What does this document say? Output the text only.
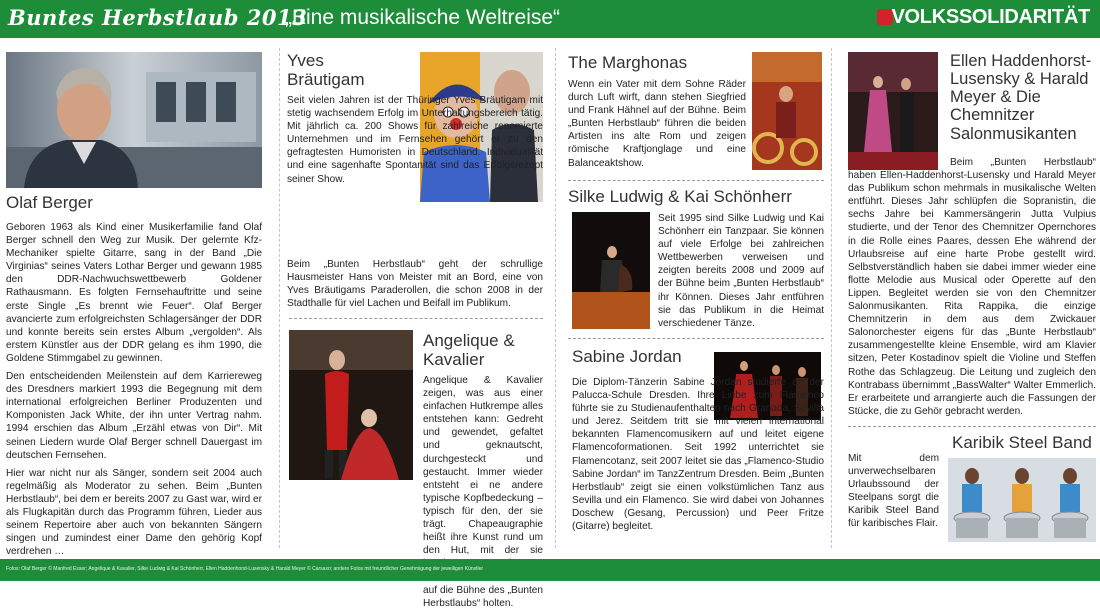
Buntes Herbstlaub 2013
„Eine musikalische Weltreise“	VOLKSSOLIDARITÄT
Olaf Berger

Geboren 1963 als Kind einer Musikerfamilie fand Olaf Berger schnell den Weg zur Musik. Der gelernte Kfz-Mechaniker spielte Gitarre, sang in der Band „Die Virginias“ seines Vaters Lothar Berger und gewann 1985 den DDR-Nachwuchswettbewerb Goldener Rathausmann. Es folgten Fernsehauftritte und seine erste Single „Es brennt wie Feuer“. Olaf Berger avancierte zum erfolgreichsten Schlagersänger der DDR und konnte bereits sein erstes Album „vergolden“. Als erstem Künstler aus der DDR gelang es ihm 1990, die Goldene Stimmgabel zu gewinnen.

Den entscheidenden Meilenstein auf dem Karriereweg des Dresdners markiert 1993 die Begegnung mit dem international erfolgreichen Berliner Produzenten und Komponisten Jack White, der ihn unter Vertrag nahm. 1994 erschien das Album „Erzähl etwas von Dir“. Mit seinen Liedern wurde Olaf Berger schnell Dauergast im deutschen Fernsehen.

Hier war nicht nur als Sänger, sondern seit 2004 auch regelmäßig als Moderator zu sehen. Beim „Bunten Herbstlaub“, bei dem er bereits 2007 zu Gast war, wird er als Flugkapitän durch das Programm führen, Lieder aus seinem Repertoire aber auch von bekannten Sängern singen und zumindest einer Dame den gehörig Kopf verdrehen …

Yves Bräutigam

Seit vielen Jahren ist der Thüringer Yves Bräutigam mit stetig wachsendem Erfolg im Unterhaltungsbereich tätig. Mit jährlich ca. 200 Shows für zahlreiche renomierte Unternehmen und im Fernsehen gehört er zu den gefragtesten Humoristen in Deutschland. Individualität und eine sagenhafte Spontanität sind das Erfolgsrezept seiner Show.

Beim „Bunten Herbstlaub“ geht der schrullige Hausmeister Hans von Meister mit an Bord, eine von Yves Bräutigams Paraderollen, die schon 2008 in der Stadthalle für viel Lachen und Beifall im Publikum.

Angelique & Kavalier

Angelique & Kavalier zeigen, was aus einer einfachen Hutkrempe alles entstehen kann: Gedreht und gewendet, gefaltet und geknautscht, durchgesteckt und gestaucht. Immer wieder entsteht ei ne andere typische Kopfbedeckung – typisch für den, der sie trägt. Chapeaugraphie heißt ihre Kunst rund um den Hut, mit der sie auf die Bühne des „Bunten Herbstlaubs“ holten.

The Marghonas

Wenn ein Vater mit dem Sohne Räder durch Luft wirft, dann stehen Siegfried und Frank Hähnel auf der Bühne. Beim „Bunten Herbstlaub“ führen die beiden Artisten ins alte Rom und zeigen römische Kraftjonglage und eine Balanceaktshow.

Silke Ludwig & Kai Schönherr

Seit 1995 sind Silke Ludwig und Kai Schönherr ein Tanzpaar. Sie können auf viele Erfolge bei zahlreichen Wettbewerben verweisen und zeigten bereits 2008 und 2009 auf der Bühne beim „Bunten Herbstlaub“ ihr Können. Dieses Jahr entführen sie das Publikum in die Heimat verschiedener Tänze.

Sabine Jordan

Die Diplom-Tänzerin Sabine Jordan studierte an der Palucca-Schule Dresden. Ihre Liebe zum Flamenco führte sie zu Studienaufenthalten nach Granada, Sevilla und Jerez. Seitdem tritt sie mit vielen international bekannten Flamencomusikern auf und leitet eigene Flamencoformationen. Seit 1992 unterrichtet sie Flamencotanz, seit 2007 leitet sie das „Flamenco-Studio Sabine Jordan“ im TanzZentrum Dresden. Beim „Bunten Herbstlaub“ zeigt sie einen volkstümlichen Tanz aus Sevilla und ein Flamenco. Sie wird dabei von Johannes Doschew (Gesang, Percussion) und Peer Fritze (Gitarre) begleitet.

Ellen Haddenhorst-Lusensky & Harald Meyer & Die Chemnitzer Salonmusikanten

Beim „Bunten Herbstlaub“ haben Ellen-Haddenhorst-Lusensky und Harald Meyer das Publikum schon mehrmals in musikalische Welten entführt. Dieses Jahr schlüpfen die Sopranistin, die sechs Jahre bei Kammersängerin Jutta Vulpius studierte, und der Tenor des Chemnitzer Opernchores in die Rolle eines Paares, dessen Ehe während der Urlaubsreise auf eine harte Probe gestellt wird. Selbstverständlich haben sie dabei immer wieder eine flotte Melodie aus Musical oder Operette auf den Lippen. Begleitet werden sie von den Chemnitzer Salonmusikanten. Rita Rappika, die einzige Chemnitzerin in dem aus dem Zwickauer Salonorchester eigens für das „Bunte Herbstlaub“ zusammengestellte kleine Ensemble, wird am Klavier sitzen, Peter Kostadinov spielt die Violine und Steffen Rothe das Schlagzeug. Die Leitung und zugleich den Kontrabass übernimmt „BassWalter“ Walter Emmerlich. Er erarbeitete und arrangierte auch die Fassungen der Stücke, die zu Gehör gebracht werden.

Karibik Steel Band

Mit dem unverwechselbaren Urlaubssound der Steelpans sorgt die Karibik Steel Band für karibisches Flair.

Fotos: Olaf Berger © Manfred Esser; Angelique & Kavalier, Silke Ludwig & Kai Schönherr, Ellen Haddenhorst-Lusensky & Harald Meyer © Carsaxo; andere Fotos mit freundlicher Genehmigung der jeweiligen Künstler
